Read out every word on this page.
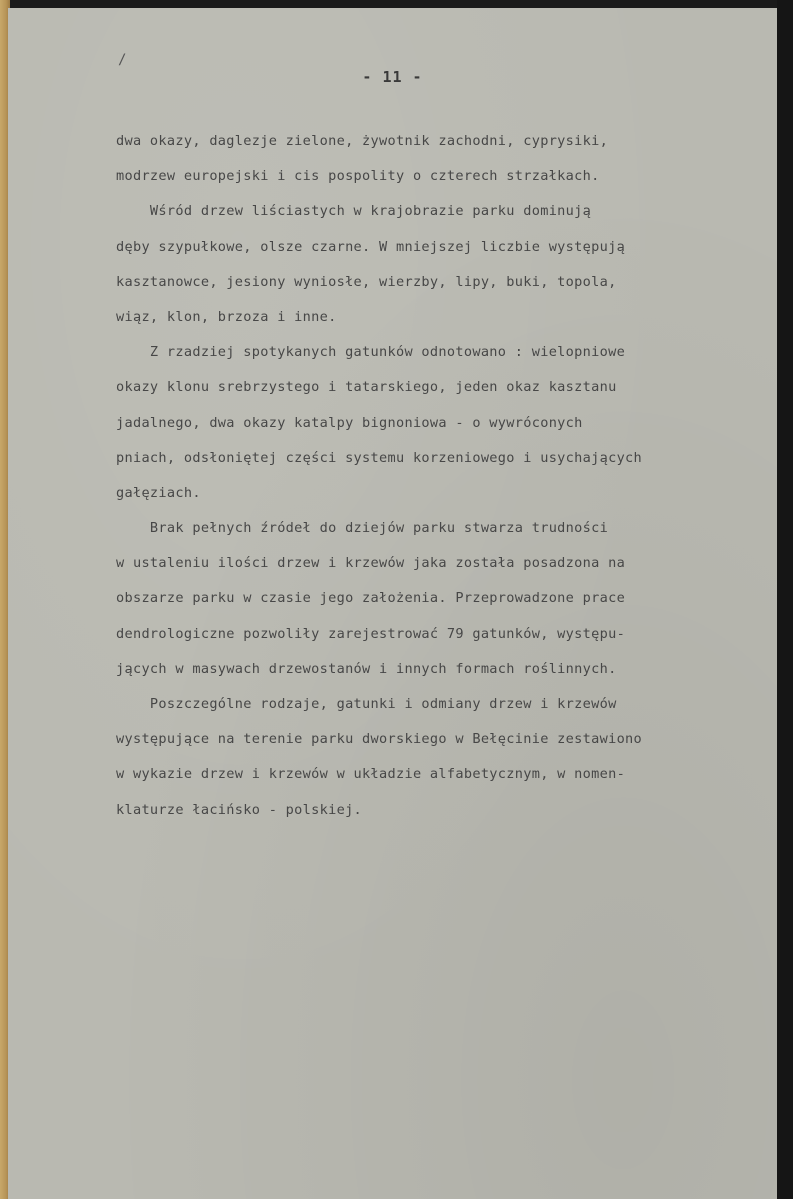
/
- 11 -
dwa okazy, daglezje zielone, żywotnik zachodni, cyprysiki,
modrzew europejski i cis pospolity o czterech strzałkach.
Wśród drzew liściastych w krajobrazie parku dominują
dęby szypułkowe, olsze czarne. W mniejszej liczbie występują
kasztanowce, jesiony wyniosłe, wierzby, lipy, buki, topola,
wiąz, klon, brzoza i inne.
Z rzadziej spotykanych gatunków odnotowano : wielopniowe
okazy klonu srebrzystego i tatarskiego, jeden okaz kasztanu
jadalnego, dwa okazy katalpy bignoniowa - o wywróconych
pniach, odsłoniętej części systemu korzeniowego i usychających
gałęziach.
Brak pełnych źródeł do dziejów parku stwarza trudności
w ustaleniu ilości drzew i krzewów jaka została posadzona na
obszarze parku w czasie jego założenia. Przeprowadzone prace
dendrologiczne pozwoliły zarejestrować 79 gatunków, występu-
jących w masywach drzewostanów i innych formach roślinnych.
Poszczególne rodzaje, gatunki i odmiany drzew i krzewów
występujące na terenie parku dworskiego w Bełęcinie zestawiono
w wykazie drzew i krzewów w układzie alfabetycznym, w nomen-
klaturze łacińsko - polskiej.
